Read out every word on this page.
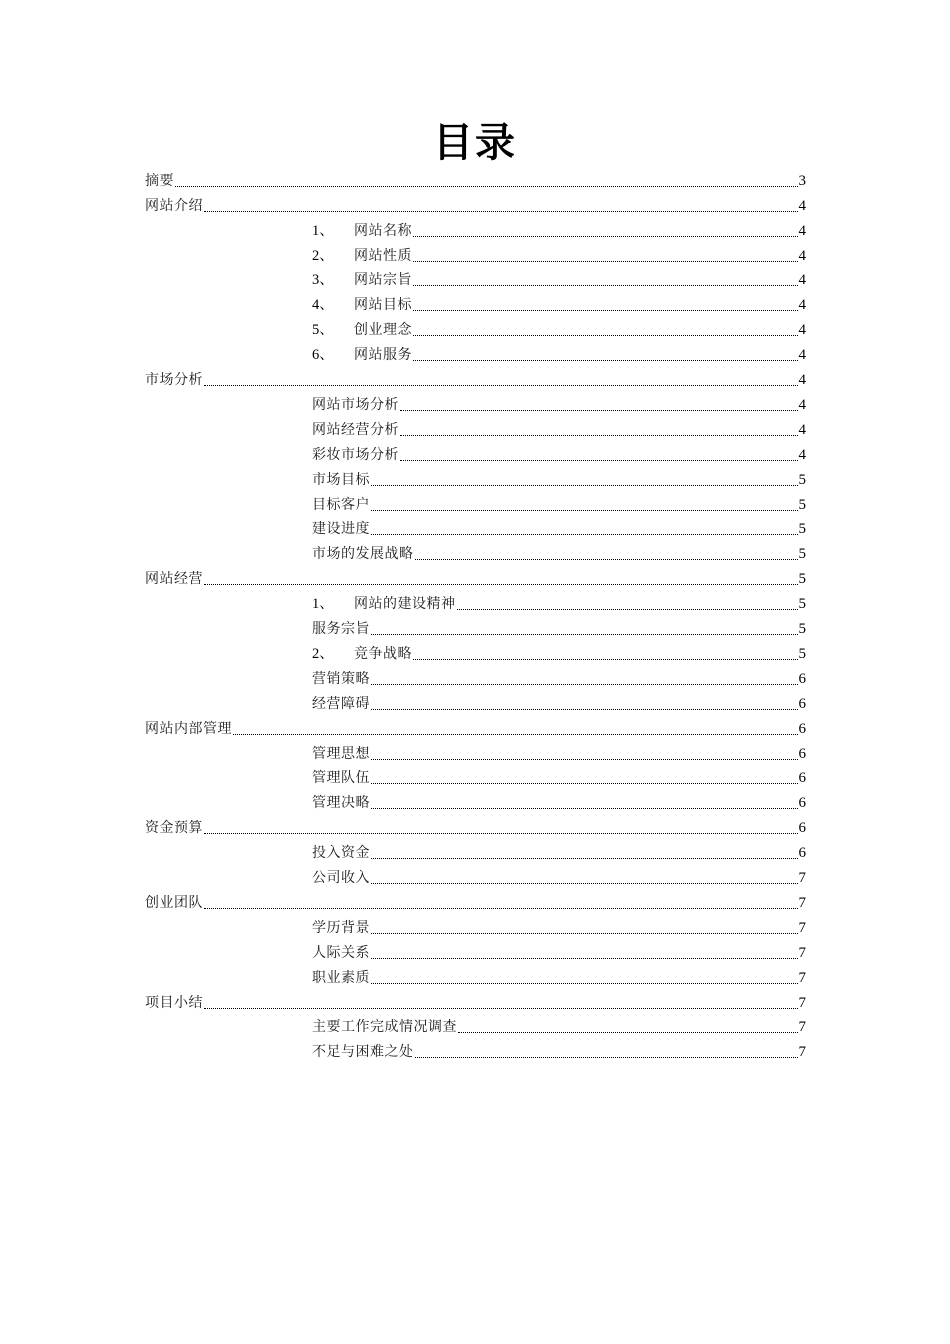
目录
摘要	3
网站介绍	4
1、	网站名称	4
2、	网站性质	4
3、	网站宗旨	4
4、	网站目标	4
5、	创业理念	4
6、	网站服务	4
市场分析	4
网站市场分析	4
网站经营分析	4
彩妆市场分析	4
市场目标	5
目标客户	5
建设进度	5
市场的发展战略	5
网站经营	5
1、	网站的建设精神	5
服务宗旨	5
2、	竞争战略	5
营销策略	6
经营障碍	6
网站内部管理	6
管理思想	6
管理队伍	6
管理决略	6
资金预算	6
投入资金	6
公司收入	7
创业团队	7
学历背景	7
人际关系	7
职业素质	7
项目小结	7
主要工作完成情况调查	7
不足与困难之处	7
